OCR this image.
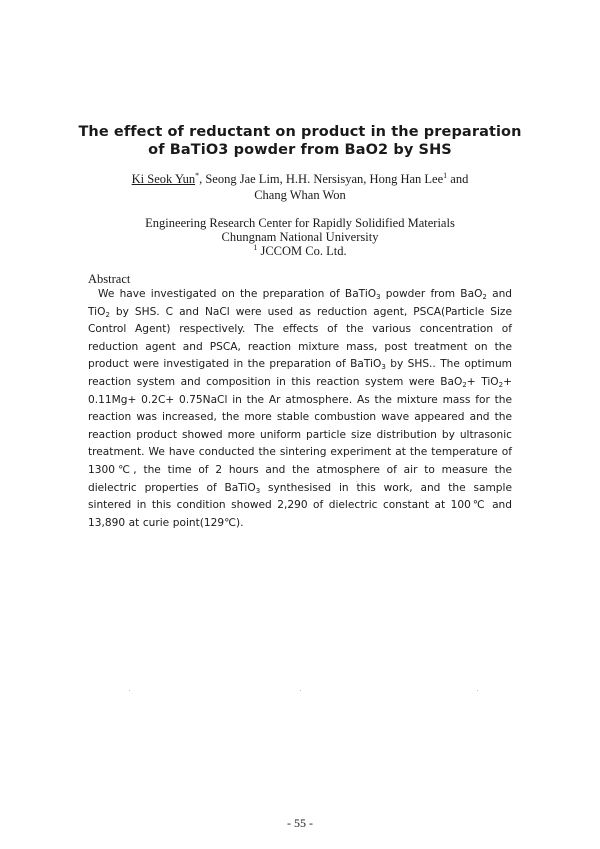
The effect of reductant on product in the preparation
of BaTiO3 powder from BaO2 by SHS
Ki Seok Yun*, Seong Jae Lim, H.H. Nersisyan, Hong Han Lee$^1$ and
Chang Whan Won
Engineering Research Center for Rapidly Solidified Materials
Chungnam National University
$^1$ JCCOM Co. Ltd.
Abstract
We have investigated on the preparation of BaTiO$_3$ powder from BaO$_2$ and TiO$_2$ by SHS. C and NaCl were used as reduction agent, PSCA(Particle Size Control Agent) respectively. The effects of the various concentration of reduction agent and PSCA, reaction mixture mass, post treatment on the product were investigated in the preparation of BaTiO$_3$ by SHS.. The optimum reaction system and composition in this reaction system were BaO$_2$+ TiO$_2$+ 0.11Mg+ 0.2C+ 0.75NaCl in the Ar atmosphere. As the mixture mass for the reaction was increased, the more stable combustion wave appeared and the reaction product showed more uniform particle size distribution by ultrasonic treatment. We have conducted the sintering experiment at the temperature of 1300℃, the time of 2 hours and the atmosphere of air to measure the dielectric properties of BaTiO$_3$ synthesised in this work, and the sample sintered in this condition showed 2,290 of dielectric constant at 100℃ and 13,890 at curie point(129℃).
- 55 -
